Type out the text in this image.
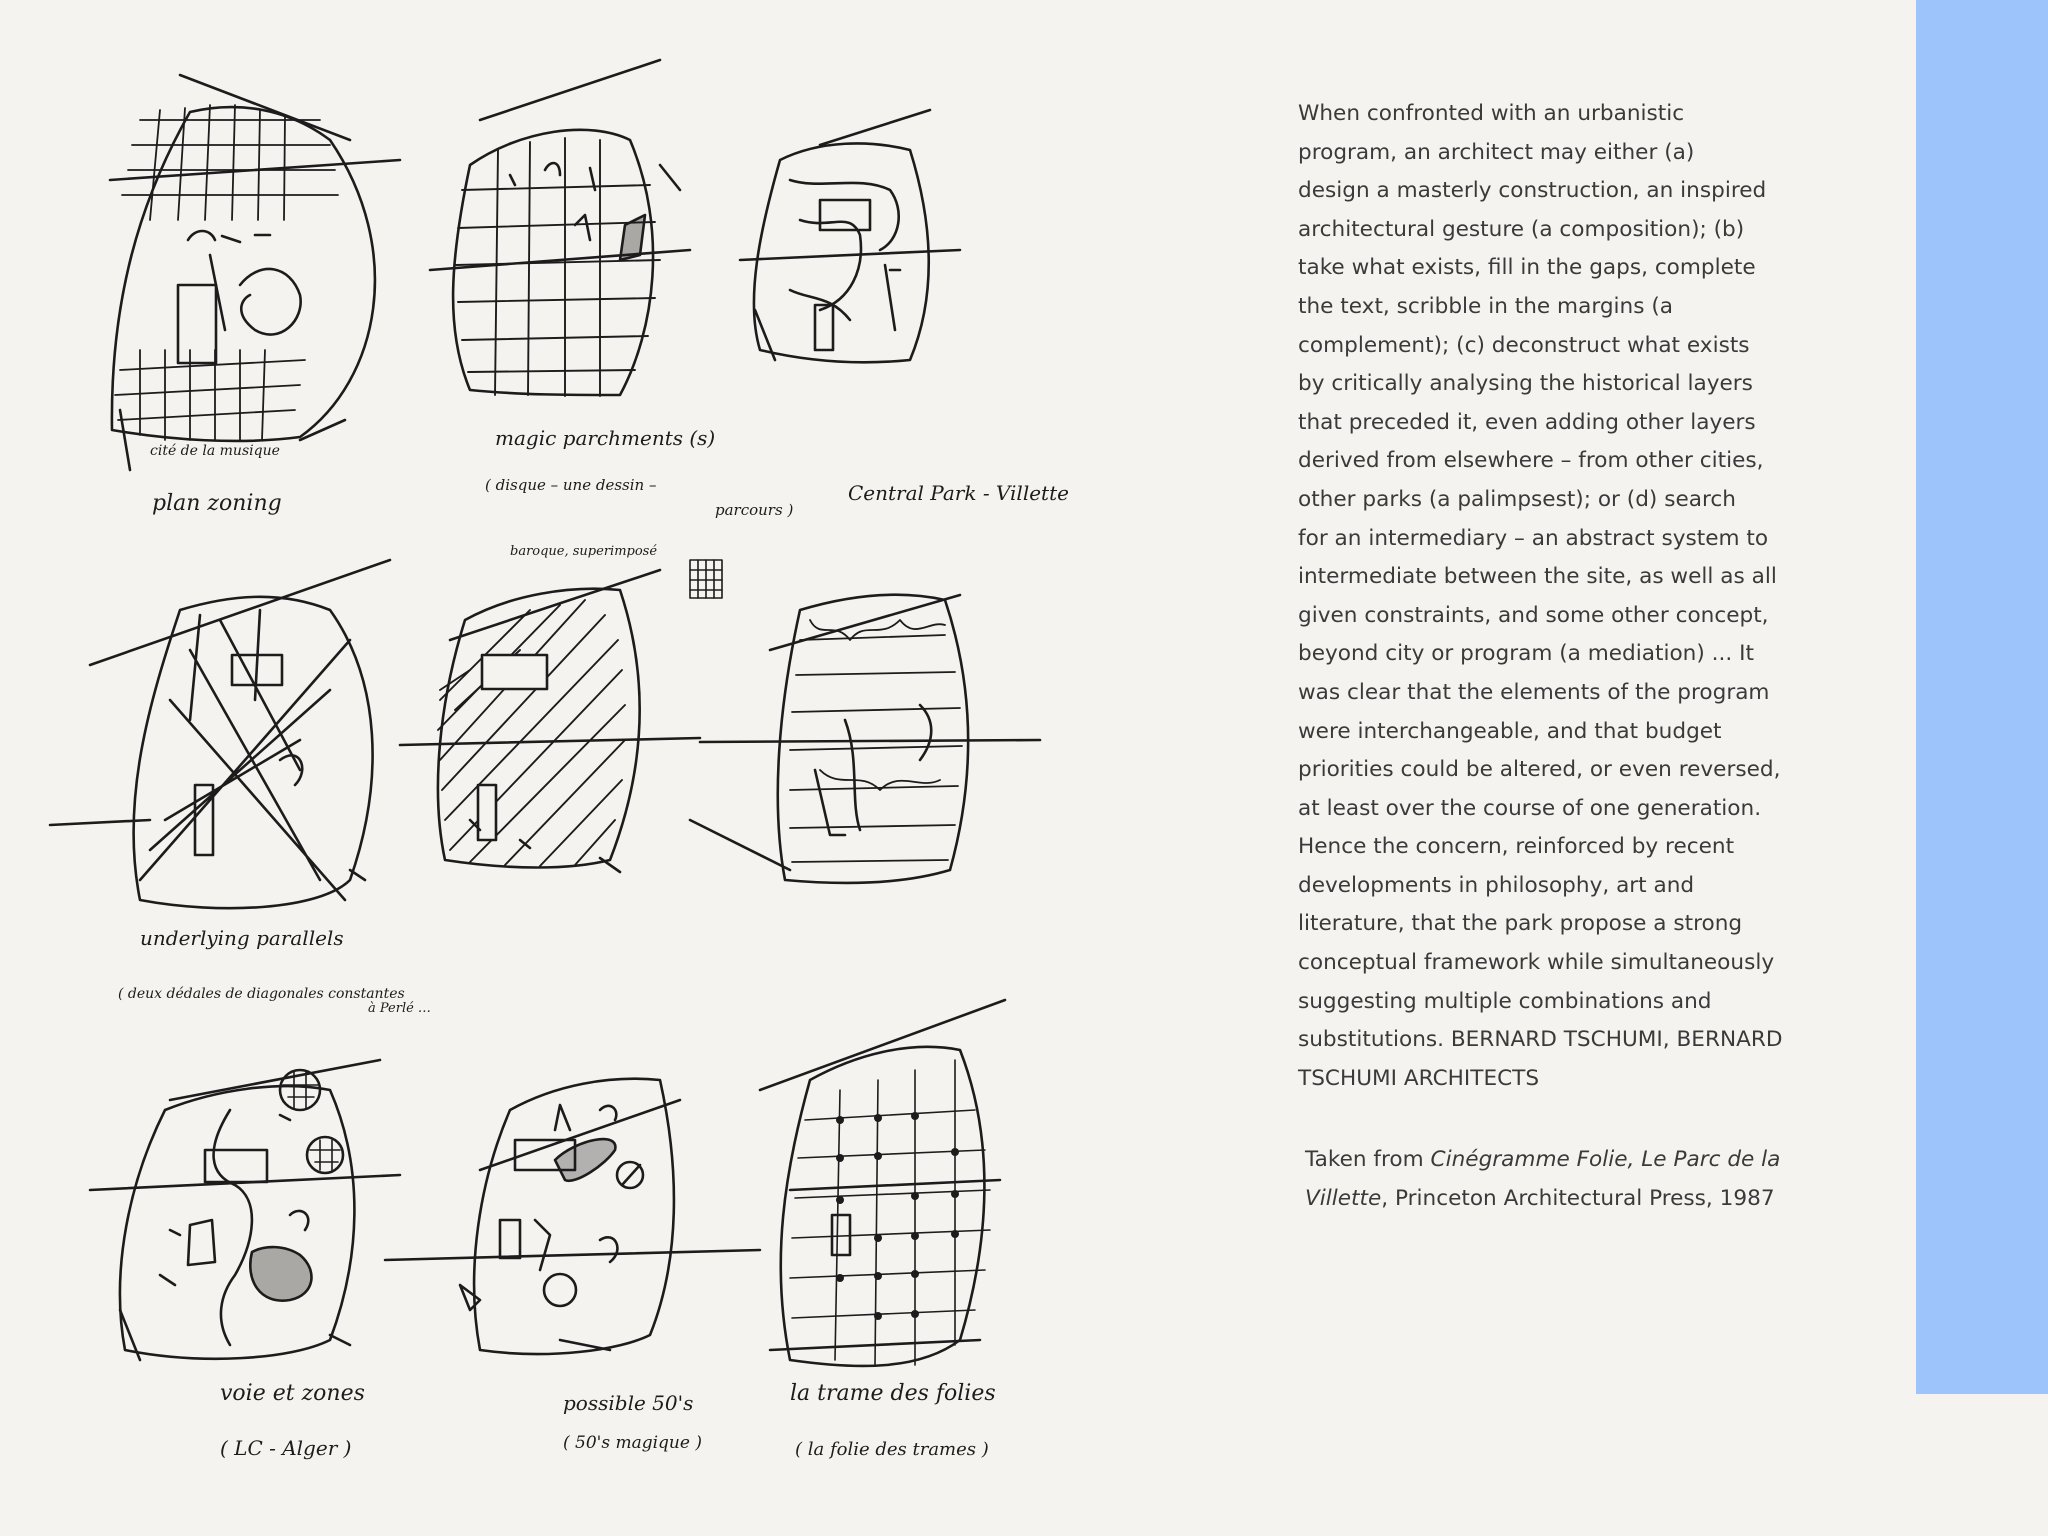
cité de la musique
plan zoning
magic parchments (s)
( disque – une dessin –
parcours )
baroque, superimposé
Central Park - Villette
underlying parallels
( deux dédales de diagonales constantes
à Perlé …
voie et zones
( LC - Alger )
possible 50's
( 50's magique )
la trame des folies
( la folie des trames )
When confronted with an urbanistic
program, an architect may either (a)
design a masterly construction, an inspired
architectural gesture (a composition); (b)
take what exists, fill in the gaps, complete
the text, scribble in the margins (a
complement); (c) deconstruct what exists
by critically analysing the historical layers
that preceded it, even adding other layers
derived from elsewhere – from other cities,
other parks (a palimpsest); or (d) search
for an intermediary – an abstract system to
intermediate between the site, as well as all
given constraints, and some other concept,
beyond city or program (a mediation) ... It
was clear that the elements of the program
were interchangeable, and that budget
priorities could be altered, or even reversed,
at least over the course of one generation.
Hence the concern, reinforced by recent
developments in philosophy, art and
literature, that the park propose a strong
conceptual framework while simultaneously
suggesting multiple combinations and
substitutions. BERNARD TSCHUMI, BERNARD
TSCHUMI ARCHITECTS
Taken from Cinégramme Folie, Le Parc de la Villette, Princeton Architectural Press, 1987
